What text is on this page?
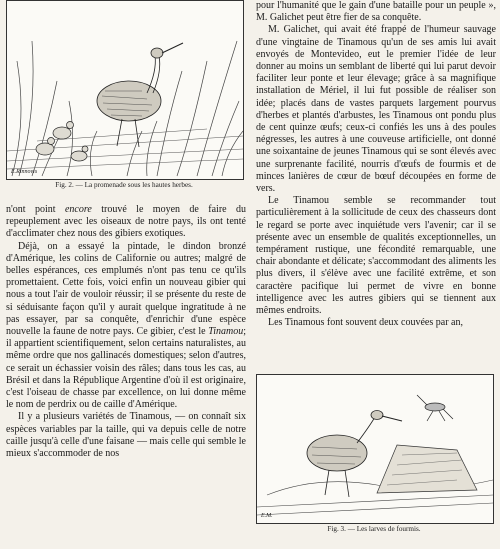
E.Rinnovis
Fig. 2. — La promenade sous les hautes herbes.

n'ont point encore trouvé le moyen de faire du repeuplement avec les oiseaux de notre pays, ils ont tenté d'acclimater chez nous des gibiers exotiques.

Déjà, on a essayé la pintade, le dindon bronzé d'Amérique, les colins de Californie ou autres; malgré de belles espérances, ces emplumés n'ont pas tenu ce qu'ils promettaient. Cette fois, voici enfin un nouveau gibier qui nous a tout l'air de vouloir réussir; il se présente du reste de si séduisante façon qu'il y aurait quelque ingratitude à ne pas essayer, par sa conquête, d'enrichir d'une espèce nouvelle la faune de notre pays. Ce gibier, c'est le Tinamou; il appartient scientifiquement, selon certains naturalistes, au même ordre que nos gallinacés domestiques; selon d'autres, ce serait un échassier voisin des râles; dans tous les cas, au Brésil et dans la République Argentine d'où il est originaire, c'est l'oiseau de chasse par excellence, on lui donne même le nom de perdrix ou de caille d'Amérique.

Il y a plusieurs variétés de Tinamous, — on connaît six espèces variables par la taille, qui va depuis celle de notre caille jusqu'à celle d'une faisane — mais celle qui semble le mieux s'accommoder de nos

pour l'humanité que le gain d'une bataille pour un peuple », M. Galichet peut être fier de sa conquête.

M. Galichet, qui avait été frappé de l'humeur sauvage d'une vingtaine de Tinamous qu'un de ses amis lui avait envoyés de Montevideo, eut le premier l'idée de leur donner au moins un semblant de liberté qui lui parut devoir faciliter leur ponte et leur élevage; grâce à sa magnifique installation de Mériel, il lui fut possible de réaliser son idée; placés dans de vastes parquets largement pourvus d'herbes et plantés d'arbustes, les Tinamous ont pondu plus de cent quinze œufs; ceux-ci confiés les uns à des poules négresses, les autres à une couveuse artificielle, ont donné une soixantaine de jeunes Tinamous qui se sont élevés avec une surprenante facilité, nourris d'œufs de fourmis et de minces lanières de cœur de bœuf découpées en forme de vers.

Le Tinamou semble se recommander tout particulièrement à la sollicitude de ceux des chasseurs dont le regard se porte avec inquiétude vers l'avenir; car il se présente avec un ensemble de qualités exceptionnelles, un tempérament rustique, une fécondité remarquable, une chair abondante et délicate; s'accommodant des aliments les plus divers, il s'élève avec une facilité extrême, et son caractère pacifique lui permet de vivre en bonne intelligence avec les autres gibiers qui se tiennent aux mêmes endroits.

Les Tinamous font souvent deux couvées par an,

E.M.
Fig. 3. — Les larves de fourmis.
